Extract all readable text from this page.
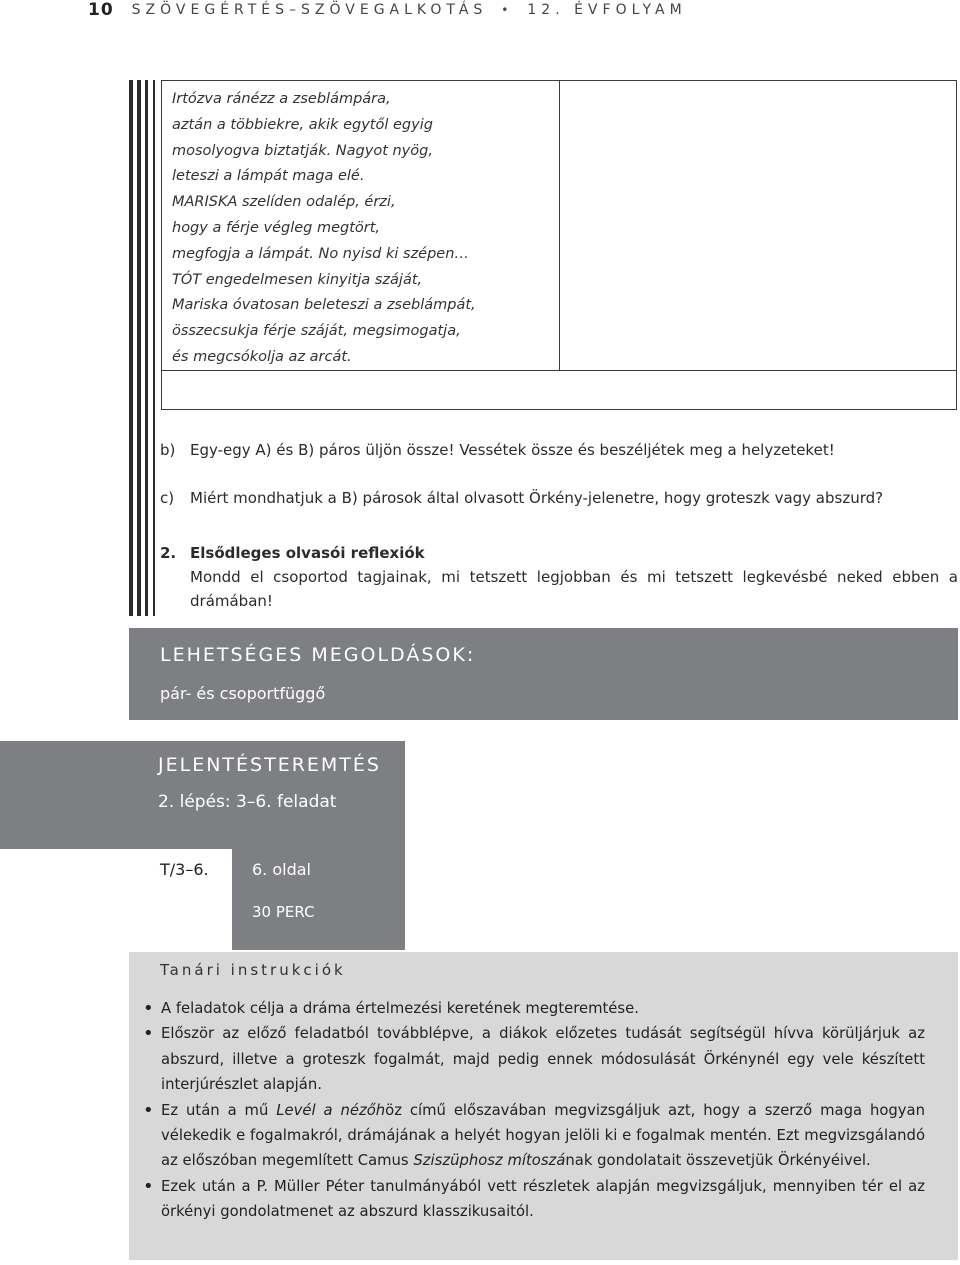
10 SZÖVEGÉRTÉS–SZÖVEGALKOTÁS • 12. ÉVFOLYAM
Irtózva ránézz a zseblámpára,
aztán a többiekre, akik egytől egyig
mosolyogva biztatják. Nagyot nyög,
leteszi a lámpát maga elé.
MARISKA szelíden odalép, érzi,
hogy a férje végleg megtört,
megfogja a lámpát. No nyisd ki szépen…
TÓT engedelmesen kinyitja száját,
Mariska óvatosan beleteszi a zseblámpát,
összecsukja férje száját, megsimogatja,
és megcsókolja az arcát.
b) Egy-egy A) és B) páros üljön össze! Vessétek össze és beszéljétek meg a helyzeteket!
c) Miért mondhatjuk a B) párosok által olvasott Örkény-jelenetre, hogy groteszk vagy abszurd?
2. Elsődleges olvasói reflexiók
Mondd el csoportod tagjainak, mi tetszett legjobban és mi tetszett legkevésbé neked ebben a drámában!
LEHETSÉGES MEGOLDÁSOK:
pár- és csoportfüggő
JELENTÉSTEREMTÉS
2. lépés: 3–6. feladat
T/3–6.	6. oldal
30 PERC
Tanári instrukciók
• A feladatok célja a dráma értelmezési keretének megteremtése.
• Először az előző feladatból továbblépve, a diákok előzetes tudását segítségül hívva körüljárjuk az abszurd, illetve a groteszk fogalmát, majd pedig ennek módosulását Örkénynél egy vele készített interjúrészlet alapján.
• Ez után a mű Levél a nézőhöz című előszavában megvizsgáljuk azt, hogy a szerző maga hogyan vélekedik e fogalmakról, drámájának a helyét hogyan jelöli ki e fogalmak mentén. Ezt megvizsgálandó az előszóban megemlített Camus Sziszüphosz mítoszának gondolatait összevetjük Örkényéivel.
• Ezek után a P. Müller Péter tanulmányából vett részletek alapján megvizsgáljuk, mennyiben tér el az örkényi gondolatmenet az abszurd klasszikusaitól.
